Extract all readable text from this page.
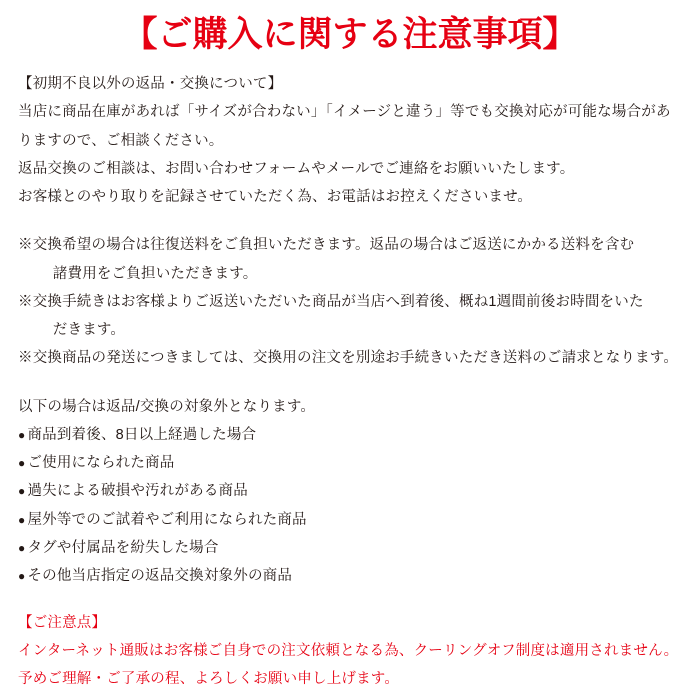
【ご購入に関する注意事項】

【初期不良以外の返品・交換について】

当店に商品在庫があれば「サイズが合わない」「イメージと違う」等でも交換対応が可能な場合があ

りますので、ご相談ください。

返品交換のご相談は、お問い合わせフォームやメールでご連絡をお願いいたします。

お客様とのやり取りを記録させていただく為、お電話はお控えくださいませ。

※交換希望の場合は往復送料をご負担いただきます。返品の場合はご返送にかかる送料を含む

諸費用をご負担いただきます。

※交換手続きはお客様よりご返送いただいた商品が当店へ到着後、概ね1週間前後お時間をいた

だきます。

※交換商品の発送につきましては、交換用の注文を別途お手続きいただき送料のご請求となります。

以下の場合は返品/交換の対象外となります。

● 商品到着後、8日以上経過した場合
● ご使用になられた商品
● 過失による破損や汚れがある商品
● 屋外等でのご試着やご利用になられた商品
● タグや付属品を紛失した場合
● その他当店指定の返品交換対象外の商品

【ご注意点】

インターネット通販はお客様ご自身での注文依頼となる為、クーリングオフ制度は適用されません。

予めご理解・ご了承の程、よろしくお願い申し上げます。
